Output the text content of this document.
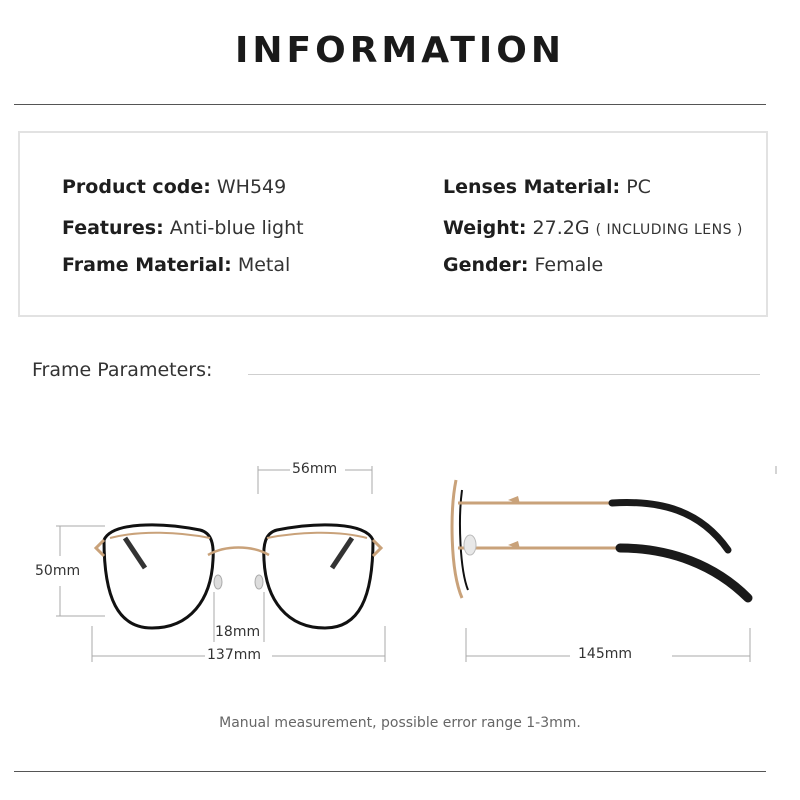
INFORMATION
Product code: WH549
Features: Anti-blue light
Frame Material: Metal
Lenses Material: PC
Weight: 27.2G ( INCLUDING LENS )
Gender: Female
Frame Parameters:
56mm
50mm
18mm
137mm	145mm
Manual measurement, possible error range 1-3mm.
